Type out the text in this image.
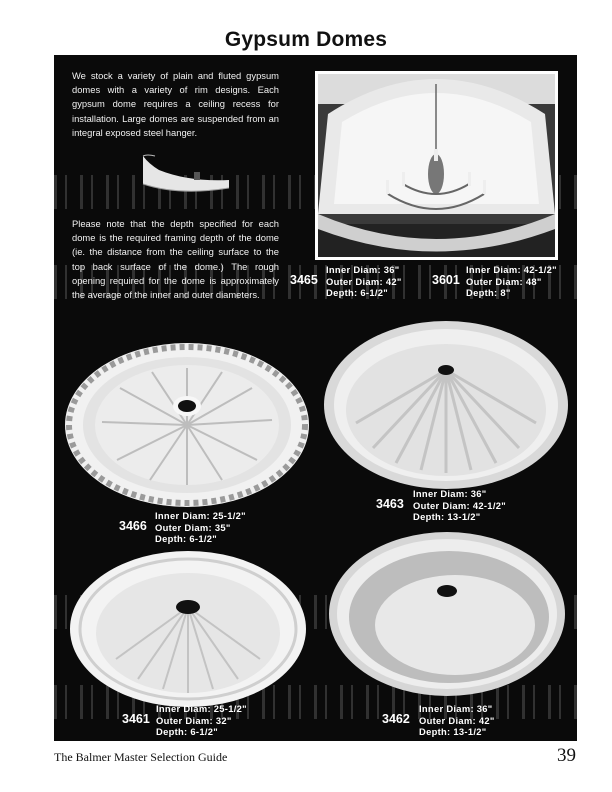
Gypsum Domes
We stock a variety of plain and fluted gypsum domes with a variety of rim designs. Each gypsum dome requires a ceiling recess for installation. Large domes are suspended from an integral exposed steel hanger.
Please note that the depth specified for each dome is the required framing depth of the dome (ie. the distance from the ceiling surface to the top back surface of the dome.) The rough opening required for the dome is approximately the average of the inner and outer diameters.
3465
Inner Diam: 36"
Outer Diam: 42"
Depth: 6-1/2"
3601
Inner Diam: 42-1/2"
Outer Diam: 48"
Depth: 8"
3463
Inner Diam: 36"
Outer Diam: 42-1/2"
Depth: 13-1/2"
3466
Inner Diam: 25-1/2"
Outer Diam: 35"
Depth: 6-1/2"
3461
Inner Diam: 25-1/2"
Outer Diam: 32"
Depth: 6-1/2"
3462
Inner Diam: 36"
Outer Diam: 42"
Depth: 13-1/2"
The Balmer Master Selection Guide	39
